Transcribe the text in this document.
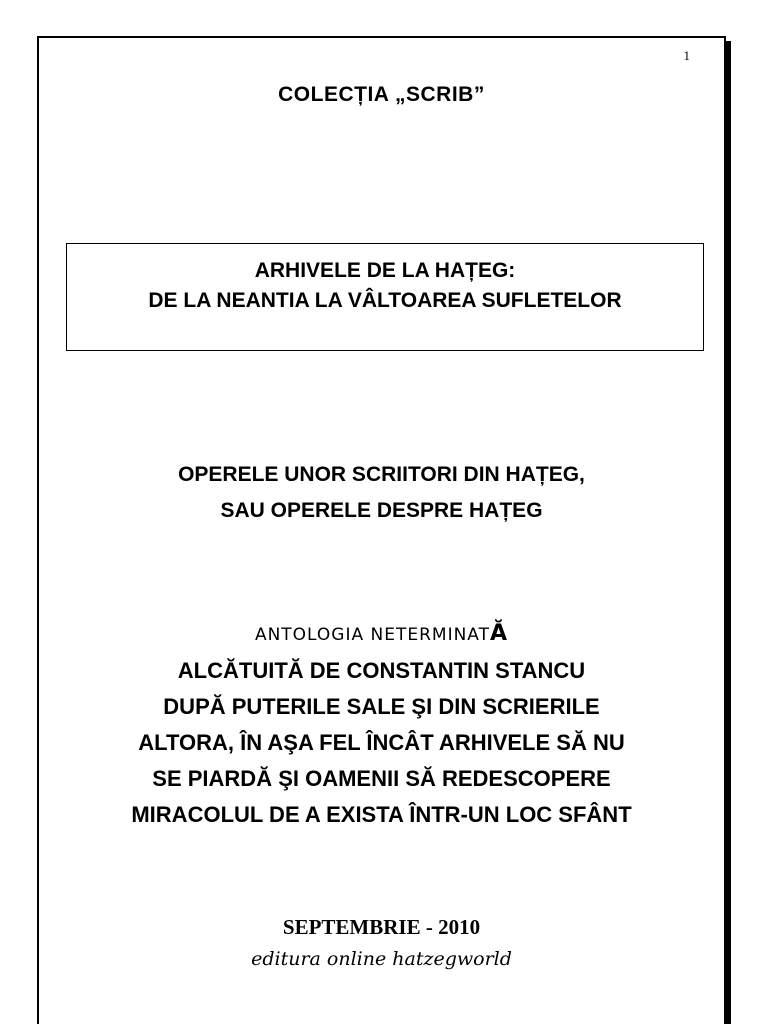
1
COLECȚIA „SCRIB”
ARHIVELE DE LA HAȚEG:
DE LA NEANTIA LA VÂLTOAREA SUFLETELOR
OPERELE UNOR SCRIITORI DIN HAȚEG,
SAU OPERELE DESPRE HAȚEG
ANTOLOGIA NETERMINATĂ
ALCĂTUITĂ DE CONSTANTIN STANCU
DUPĂ PUTERILE SALE ŞI DIN SCRIERILE
ALTORA, ÎN AŞA FEL ÎNCÂT ARHIVELE SĂ NU
SE PIARDĂ ŞI OAMENII SĂ REDESCOPERE
MIRACOLUL DE A EXISTA ÎNTR-UN LOC SFÂNT
SEPTEMBRIE - 2010
editura online hatzegworld
